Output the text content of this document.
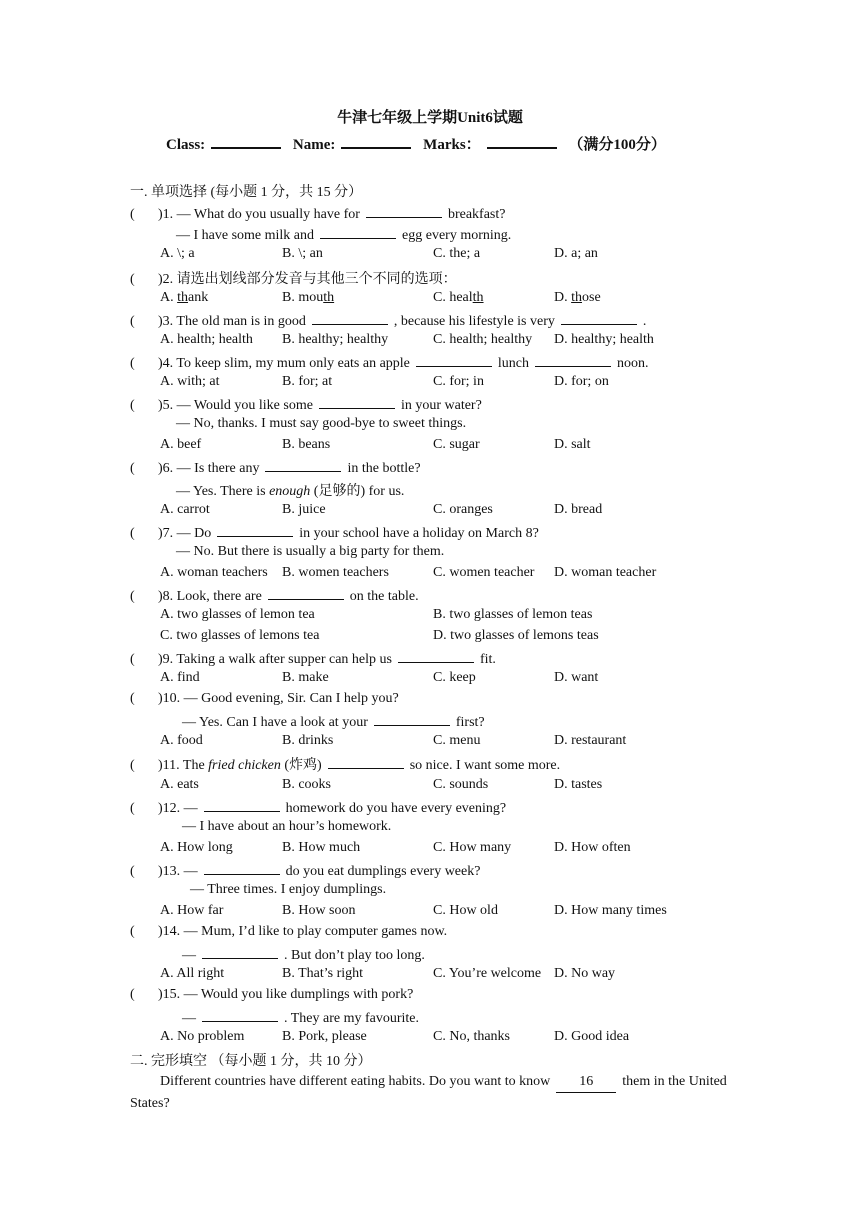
牛津七年级上学期Unit6试题
Class:	Name:	Marks：	（满分100分）
一. 单项选择 (每小题 1 分，共 15 分）
( )1. — What do you usually have for	breakfast?
— I have some milk and	egg every morning.
A. \; a	B. \; an	C. the; a	D. a; an
( )2. 请选出划线部分发音与其他三个不同的选项：
A. thank	B. mouth	C. health	D. those
( )3. The old man is in good	, because his lifestyle is very	.
A. health; health B. healthy; healthy	C. health; healthy D. healthy; health
( )4. To keep slim, my mum only eats an apple	lunch	noon.
A. with; at	B. for; at	C. for; in	D. for; on
( )5. — Would you like some	in your water?
— No, thanks. I must say good-bye to sweet things.
A. beef	B. beans	C. sugar	D. salt
( )6. — Is there any	in the bottle?
— Yes. There is enough (足够的) for us.
A. carrot	B. juice	C. oranges	D. bread
( )7. — Do	in your school have a holiday on March 8?
— No. But there is usually a big party for them.
A. woman teachers B. women teachers	C. women teacher D. woman teacher
( )8. Look, there are	on the table.
A. two glasses of lemon tea	B. two glasses of lemon teas
C. two glasses of lemons tea	D. two glasses of lemons teas
( )9. Taking a walk after supper can help us	fit.
A. find	B. make	C. keep	D. want
( )10. — Good evening, Sir. Can I help you?
— Yes. Can I have a look at your	first?
A. food	B. drinks	C. menu	D. restaurant
( )11. The fried chicken (炸鸡)	so nice. I want some more.
A. eats	B. cooks	C. sounds	D. tastes
( )12. —	homework do you have every evening?
— I have about an hour’s homework.
A. How long	B. How much	C. How many	D. How often
( )13. —	do you eat dumplings every week?
— Three times. I enjoy dumplings.
A. How far	B. How soon	C. How old	D. How many times
( )14. — Mum, I’d like to play computer games now.
—	. But don’t play too long.
A. All right	B. That’s right	C. You’re welcome D. No way
( )15. — Would you like dumplings with pork?
—	. They are my favourite.
A. No problem	B. Pork, please	C. No, thanks	D. Good idea
二. 完形填空 （每小题 1 分，共 10 分）
Different countries have different eating habits. Do you want to know 16 them in the United States?
